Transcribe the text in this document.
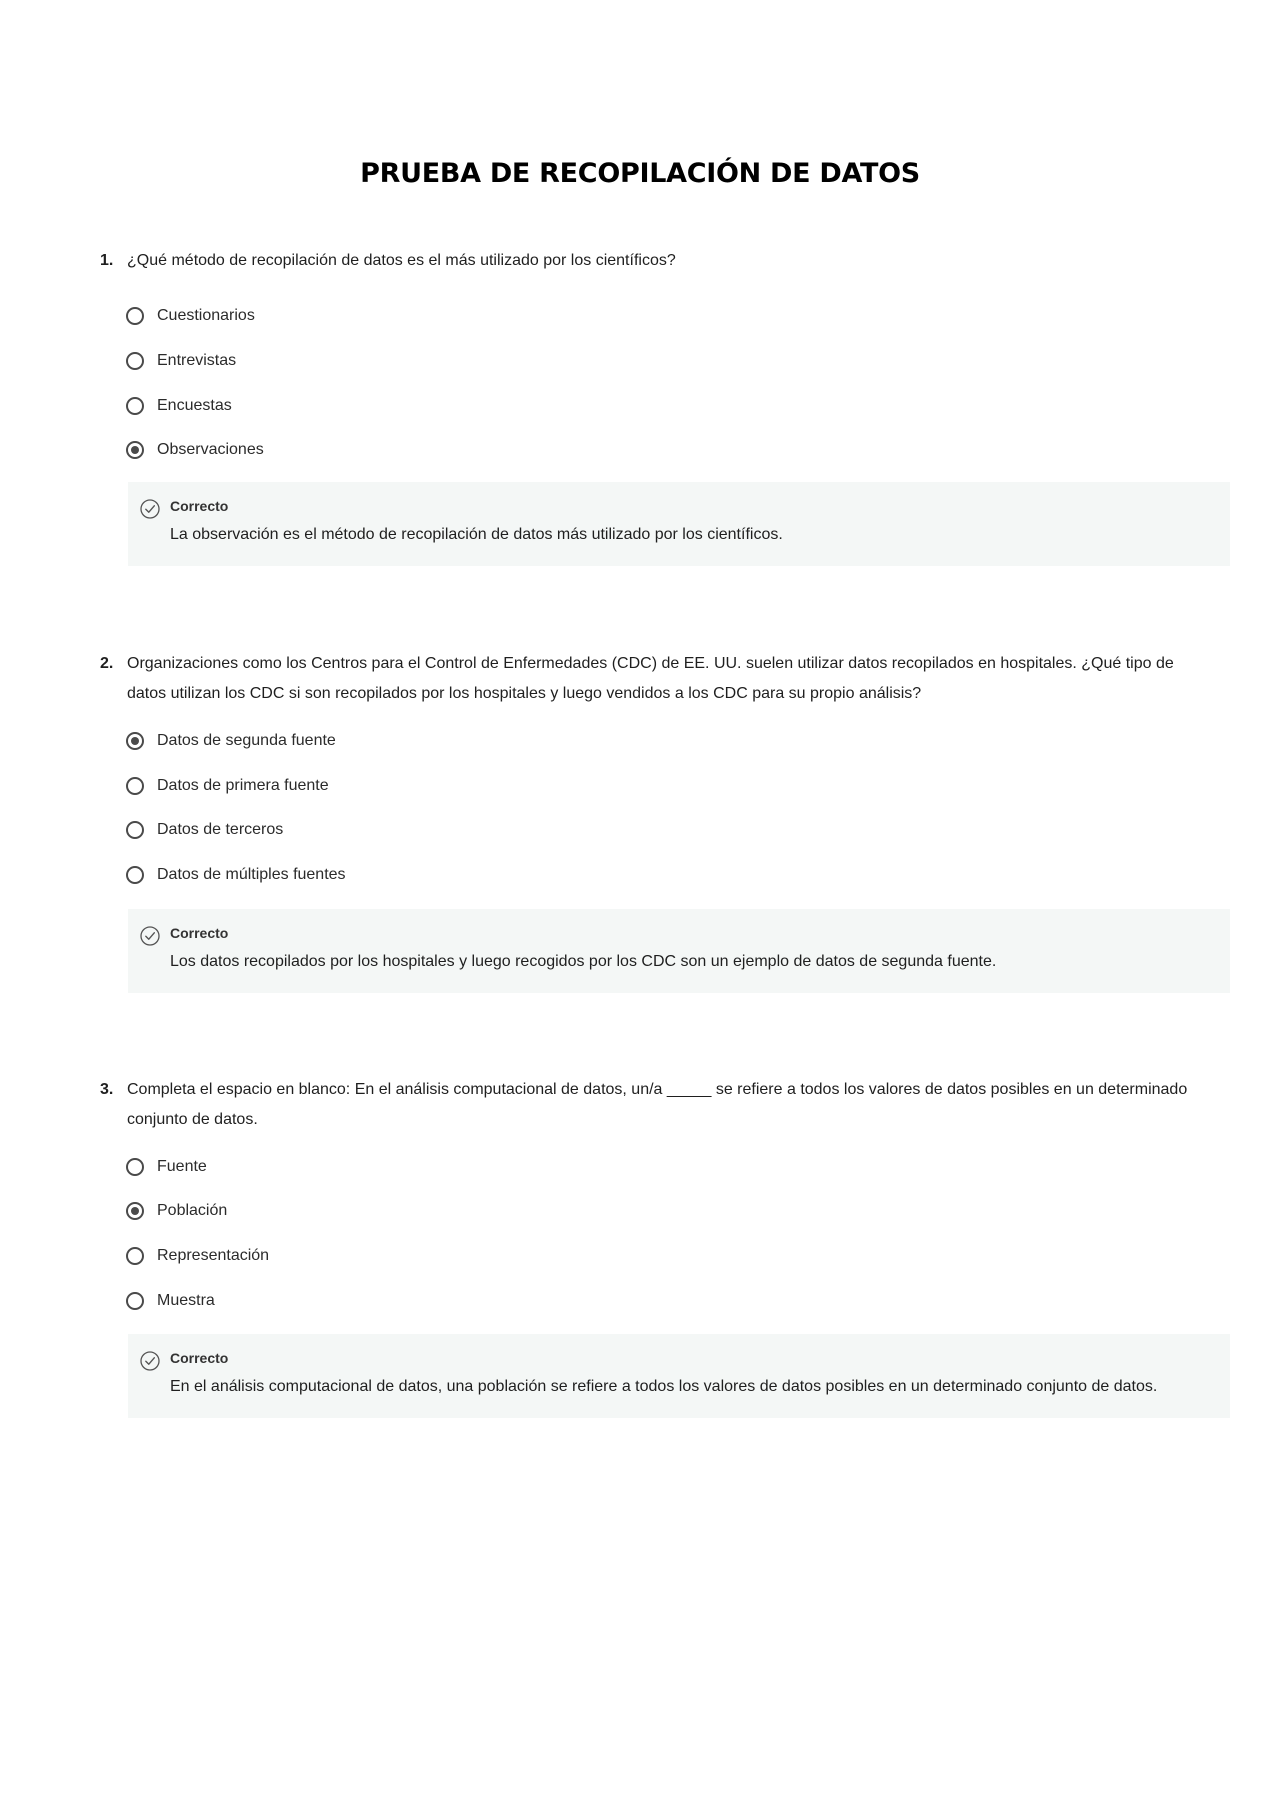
PRUEBA DE RECOPILACIÓN DE DATOS
1. ¿Qué método de recopilación de datos es el más utilizado por los científicos?
Cuestionarios
Entrevistas
Encuestas
Observaciones
Correcto
La observación es el método de recopilación de datos más utilizado por los científicos.
2. Organizaciones como los Centros para el Control de Enfermedades (CDC) de EE. UU. suelen utilizar datos recopilados en hospitales. ¿Qué tipo de datos utilizan los CDC si son recopilados por los hospitales y luego vendidos a los CDC para su propio análisis?
Datos de segunda fuente
Datos de primera fuente
Datos de terceros
Datos de múltiples fuentes
Correcto
Los datos recopilados por los hospitales y luego recogidos por los CDC son un ejemplo de datos de segunda fuente.
3. Completa el espacio en blanco: En el análisis computacional de datos, un/a _____ se refiere a todos los valores de datos posibles en un determinado conjunto de datos.
Fuente
Población
Representación
Muestra
Correcto
En el análisis computacional de datos, una población se refiere a todos los valores de datos posibles en un determinado conjunto de datos.
